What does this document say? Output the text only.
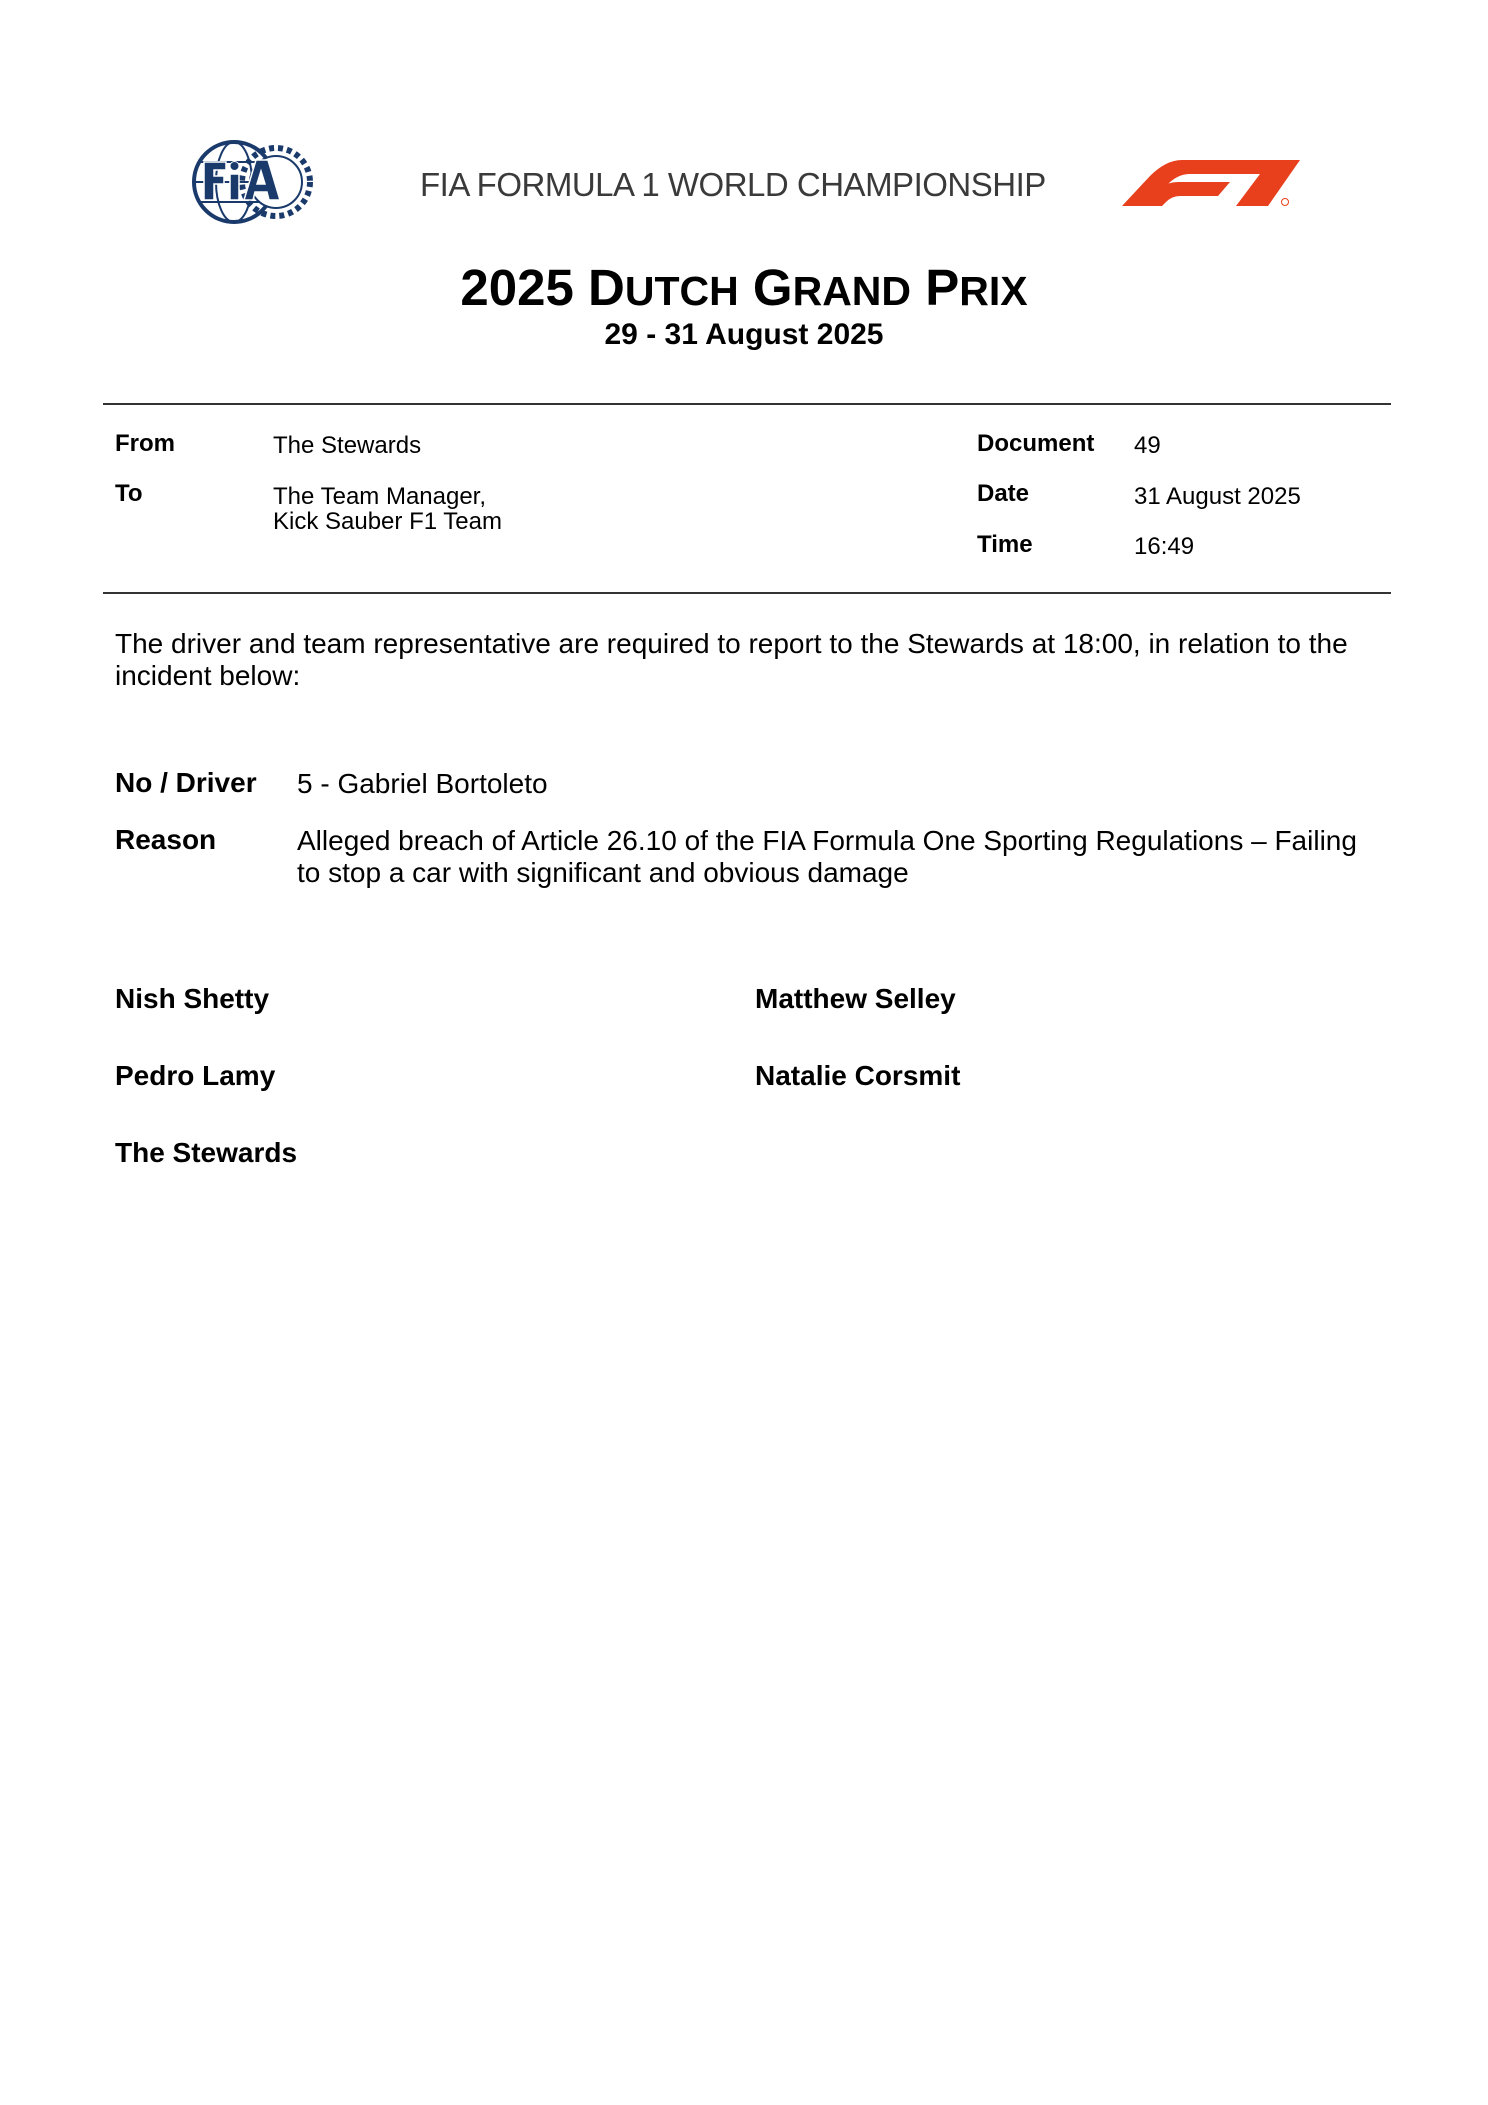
FIA FORMULA 1 WORLD CHAMPIONSHIP
2025 DUTCH GRAND PRIX
29 - 31 August 2025
From	The Stewards
To	The Team Manager,
Kick Sauber F1 Team
Document 49
Date	31 August 2025
Time	16:49
The driver and team representative are required to report to the Stewards at 18:00, in relation to the incident below:
No / Driver 5 - Gabriel Bortoleto
Reason	Alleged breach of Article 26.10 of the FIA Formula One Sporting Regulations – Failing to stop a car with significant and obvious damage
Nish Shetty	Matthew Selley
Pedro Lamy	Natalie Corsmit
The Stewards
